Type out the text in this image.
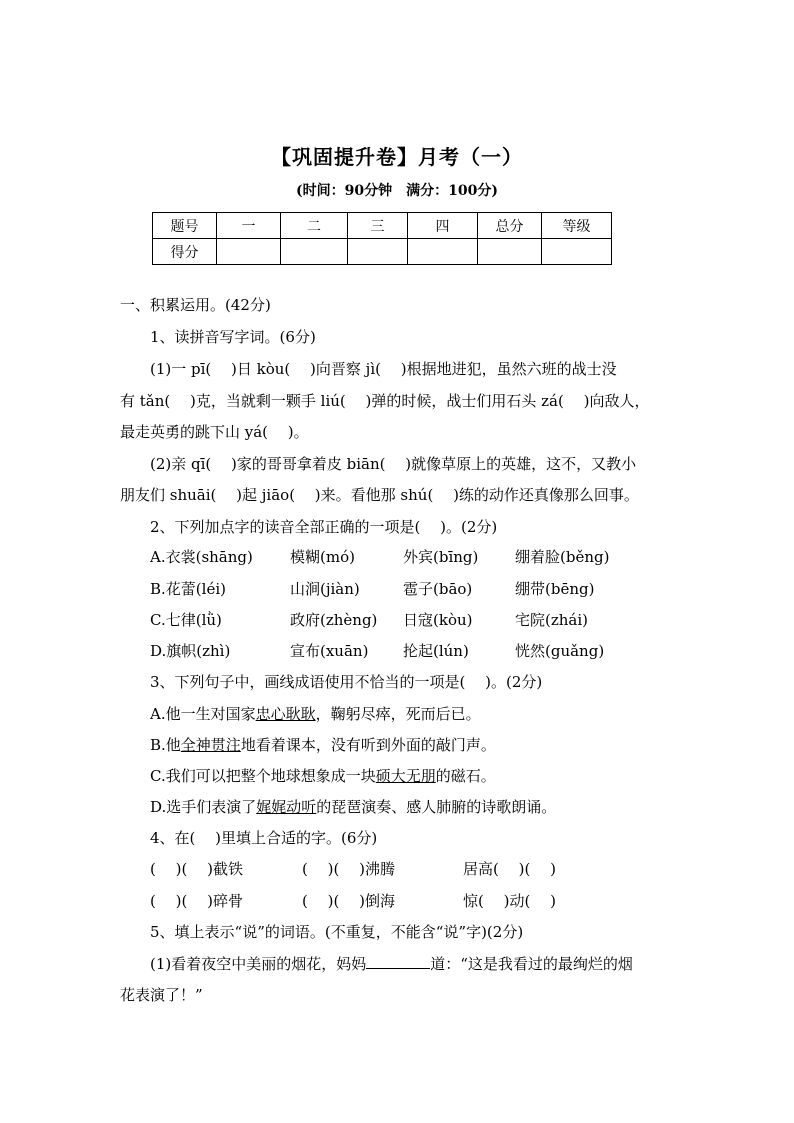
【巩固提升卷】月考（一）
(时间：90分钟　满分：100分)
题号	一	二	三	四	总分	等级
得分						
一、积累运用。(42分)
1、读拼音写字词。(6分)
(1)一 pī(　 )日 kòu(　 )向晋察 jì(　 )根据地进犯，虽然六班的战士没
有 tǎn(　 )克，当就剩一颗手 liú(　 )弹的时候，战士们用石头 zá(　 )向敌人，
最走英勇的跳下山 yá(　 )。
(2)亲 qī(　 )家的哥哥拿着皮 biān(　 )就像草原上的英雄，这不，又教小
朋友们 shuāi(　 )起 jiāo(　 )来。看他那 shú(　 )练的动作还真像那么回事。
2、下列加点字的读音全部正确的一项是(　 )。(2分)
A.衣裳(shāng) 模糊(mó)	外宾(bīng) 绷着脸(běng)
B.花蕾(léi)	山涧(jiàn)	雹子(bāo)	绷带(bēng)
C.七律(lǜ)	政府(zhèng) 日寇(kòu)	宅院(zhái)
D.旗帜(zhì)	宣布(xuān) 抡起(lún)	恍然(guǎng)
3、下列句子中，画线成语使用不恰当的一项是(　 )。(2分)
A.他一生对国家忠心耿耿，鞠躬尽瘁，死而后已。
B.他全神贯注地看着课本，没有听到外面的敲门声。
C.我们可以把整个地球想象成一块硕大无朋的磁石。
D.选手们表演了娓娓动听的琵琶演奏、感人肺腑的诗歌朗诵。
4、在(　 )里填上合适的字。(6分)
(　 )(　 )截铁	(　 )(　 )沸腾	居高(　 )(　 )
(　 )(　 )碎骨	(　 )(　 )倒海	惊(　 )动(　 )
5、填上表示“说”的词语。(不重复，不能含“说”字)(2分)
(1)看着夜空中美丽的烟花，妈妈	道：“这是我看过的最绚烂的烟
花表演了！”
